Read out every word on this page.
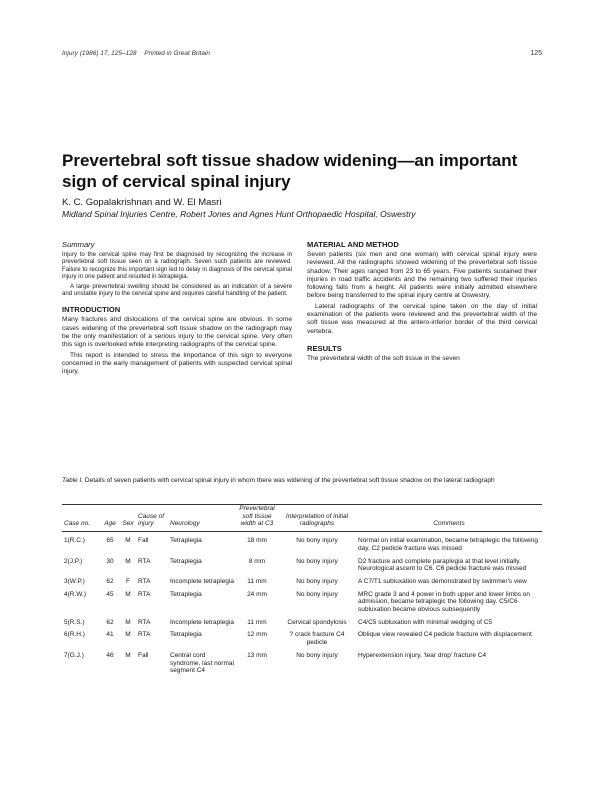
Injury (1986) 17, 125–128 Printed in Great Britain	125
Prevertebral soft tissue shadow widening—an important sign of cervical spinal injury
K. C. Gopalakrishnan and W. El Masri
Midland Spinal Injuries Centre, Robert Jones and Agnes Hunt Orthopaedic Hospital, Oswestry
Summary

Injury to the cervical spine may first be diagnosed by recognizing the increase in prevertebral soft tissue seen on a radiograph. Seven such patients are reviewed. Failure to recognize this important sign led to delay in diagnosis of the cervical spinal injury in one patient and resulted in tetraplegia.

A large prevertebral swelling should be considered as an indication of a severe and unstable injury to the cervical spine and requires careful handling of the patient.

INTRODUCTION

Many fractures and dislocations of the cervical spine are obvious. In some cases widening of the prevertebral soft tissue shadow on the radiograph may be the only manifestation of a serious injury to the cervical spine. Very often this sign is overlooked while interpreting radiographs of the cervical spine.

This report is intended to stress the importance of this sign to everyone concerned in the early management of patients with suspected cervical spinal injury.

MATERIAL AND METHOD

Seven patients (six men and one woman) with cervical spinal injury were reviewed. All the radiographs showed widening of the prevertebral soft tissue shadow. Their ages ranged from 23 to 65 years. Five patients sustained their injuries in road traffic accidents and the remaining two suffered their injuries following falls from a height. All patients were initially admitted elsewhere before being transferred to the spinal injury centre at Oswestry.

Lateral radiographs of the cervical spine taken on the day of initial examination of the patients were reviewed and the prevertebral width of the soft tissue was measured at the antero-inferior border of the third cervical vertebra.

RESULTS

The prevertebral width of the soft tissue in the seven

Table I. Details of seven patients with cervical spinal injury in whom there was widening of the prevertebral soft tissue shadow on the lateral radiograph
Case no.	Age	Sex	Cause of injury	Neurology	Prevertebral soft tissue width at C3	Interpretation of initial radiographs	Comments
1(R.C.)	65	M	Fall	Tetraplegia	18 mm	No bony injury	Normal on initial examination, became tetraplegic the following day. C2 pedicle fracture was missed
2(J.P.)	30	M	RTA	Tetraplegia	8 mm	No bony injury	D2 fracture and complete paraplegia at that level initially. Neurological ascent to C6. C6 pedicle fracture was missed
3(W.P.)	62	F	RTA	Incomplete tetraplegia	11 mm	No bony injury	A C7/T1 subluxation was demonstrated by swimmer's view
4(R.W.)	45	M	RTA	Tetraplegia	24 mm	No bony injury	MRC grade 3 and 4 power in both upper and lower limbs on admission, became tetraplegic the following day. C5/C6 subluxation became obvious subsequently
5(R.S.)	62	M	RTA	Incomplete tetraplegia	11 mm	Cervical spondylosis	C4/C5 subluxation with minimal wedging of C5
6(R.H.)	41	M	RTA	Tetraplegia	12 mm	? crack fracture C4 pedicle	Oblique view revealed C4 pedicle fracture with displacement
7(G.J.)	46	M	Fall	Central cord syndrome, last normal segment C4	13 mm	No bony injury	Hyperextension injury, 'tear drop' fracture C4
